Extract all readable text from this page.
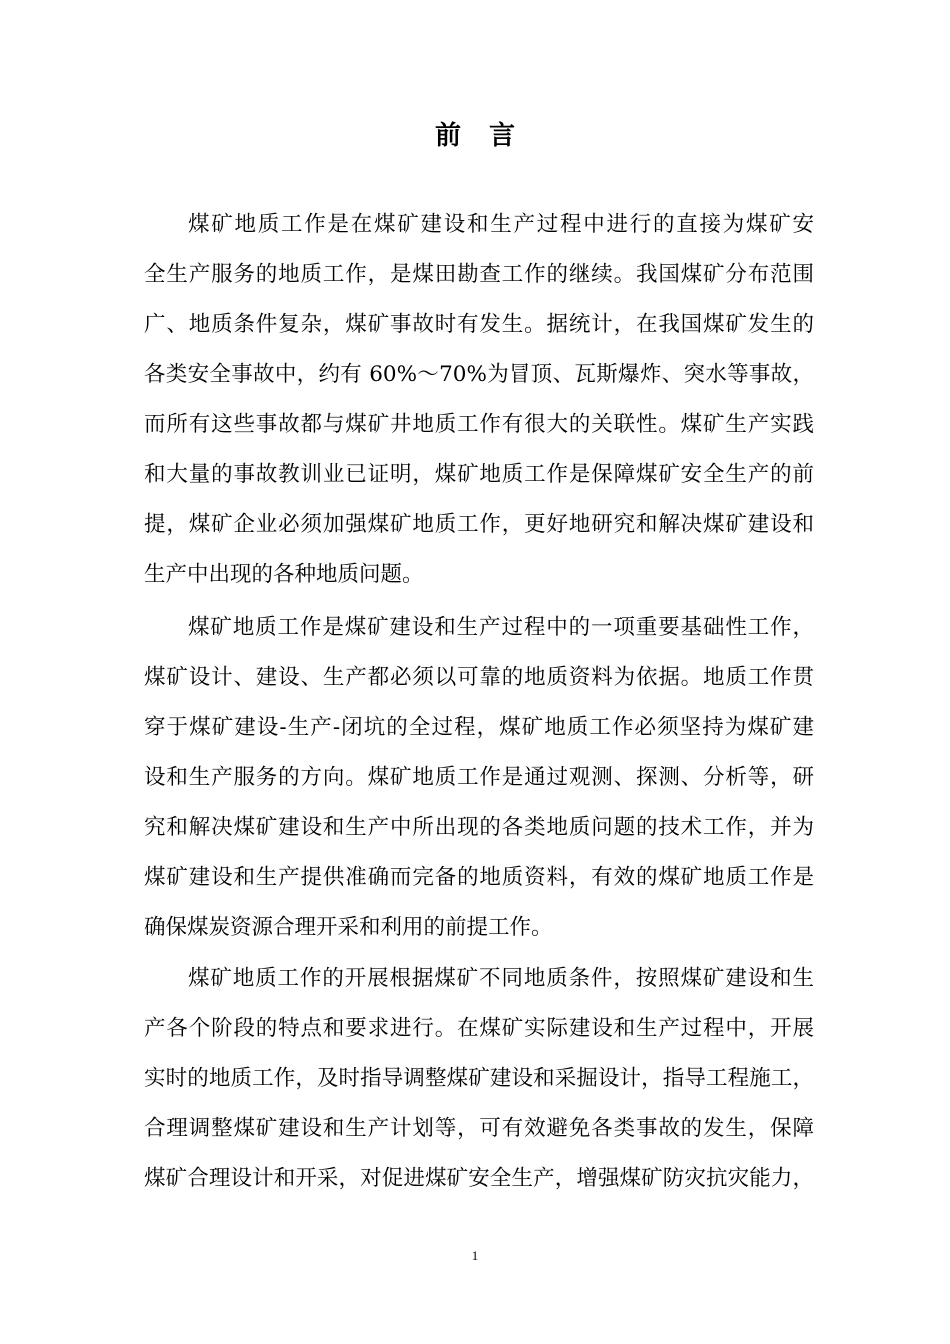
前言
煤矿地质工作是在煤矿建设和生产过程中进行的直接为煤矿安
全生产服务的地质工作，是煤田勘查工作的继续。我国煤矿分布范围
广、地质条件复杂，煤矿事故时有发生。据统计，在我国煤矿发生的
各类安全事故中，约有 60%～70%为冒顶、瓦斯爆炸、突水等事故，
而所有这些事故都与煤矿井地质工作有很大的关联性。煤矿生产实践
和大量的事故教训业已证明，煤矿地质工作是保障煤矿安全生产的前
提，煤矿企业必须加强煤矿地质工作，更好地研究和解决煤矿建设和
生产中出现的各种地质问题。
煤矿地质工作是煤矿建设和生产过程中的一项重要基础性工作，
煤矿设计、建设、生产都必须以可靠的地质资料为依据。地质工作贯
穿于煤矿建设-生产-闭坑的全过程，煤矿地质工作必须坚持为煤矿建
设和生产服务的方向。煤矿地质工作是通过观测、探测、分析等，研
究和解决煤矿建设和生产中所出现的各类地质问题的技术工作，并为
煤矿建设和生产提供准确而完备的地质资料，有效的煤矿地质工作是
确保煤炭资源合理开采和利用的前提工作。
煤矿地质工作的开展根据煤矿不同地质条件，按照煤矿建设和生
产各个阶段的特点和要求进行。在煤矿实际建设和生产过程中，开展
实时的地质工作，及时指导调整煤矿建设和采掘设计，指导工程施工，
合理调整煤矿建设和生产计划等，可有效避免各类事故的发生，保障
煤矿合理设计和开采，对促进煤矿安全生产，增强煤矿防灾抗灾能力，
1
